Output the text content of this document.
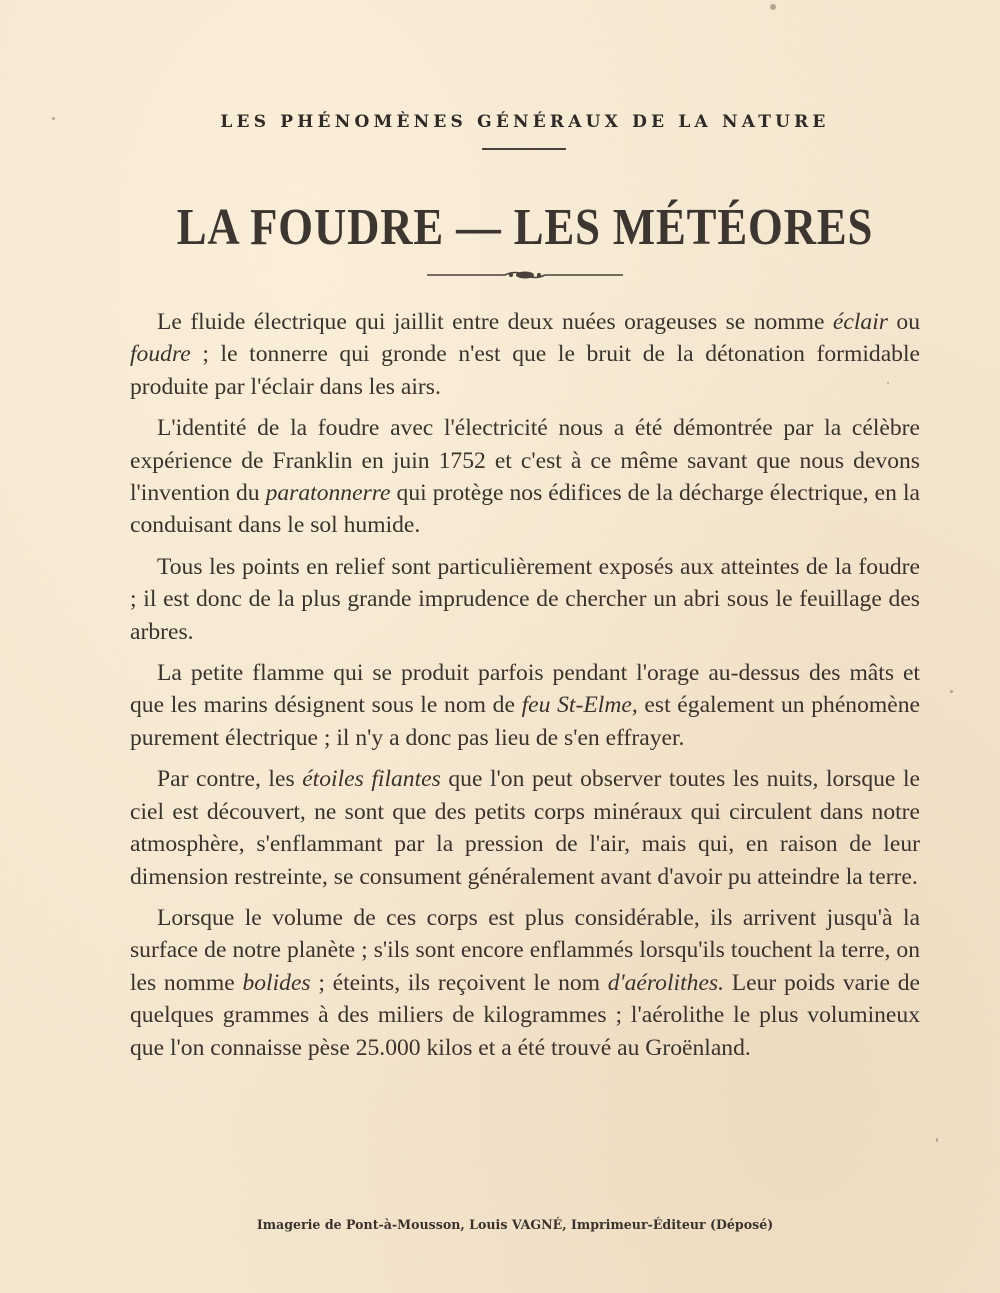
LES PHÉNOMÈNES GÉNÉRAUX DE LA NATURE
LA FOUDRE — LES MÉTÉORES

Le fluide électrique qui jaillit entre deux nuées orageuses se nomme éclair ou foudre ; le tonnerre qui gronde n'est que le bruit de la détonation formidable produite par l'éclair dans les airs.

L'identité de la foudre avec l'électricité nous a été démontrée par la célèbre expérience de Franklin en juin 1752 et c'est à ce même savant que nous devons l'invention du paratonnerre qui protège nos édifices de la décharge électrique, en la conduisant dans le sol humide.

Tous les points en relief sont particulièrement exposés aux atteintes de la foudre ; il est donc de la plus grande imprudence de chercher un abri sous le feuillage des arbres.

La petite flamme qui se produit parfois pendant l'orage au-dessus des mâts et que les marins désignent sous le nom de feu St-Elme, est également un phénomène purement électrique ; il n'y a donc pas lieu de s'en effrayer.

Par contre, les étoiles filantes que l'on peut observer toutes les nuits, lorsque le ciel est découvert, ne sont que des petits corps minéraux qui circulent dans notre atmosphère, s'enflammant par la pression de l'air, mais qui, en raison de leur dimension restreinte, se consument généralement avant d'avoir pu atteindre la terre.

Lorsque le volume de ces corps est plus considérable, ils arrivent jusqu'à la surface de notre planète ; s'ils sont encore enflammés lorsqu'ils touchent la terre, on les nomme bolides ; éteints, ils reçoivent le nom d'aérolithes. Leur poids varie de quelques grammes à des miliers de kilogrammes ; l'aérolithe le plus volumineux que l'on connaisse pèse 25.000 kilos et a été trouvé au Groënland.

Imagerie de Pont-à-Mousson, Louis VAGNÉ, Imprimeur-Éditeur (Déposé)
